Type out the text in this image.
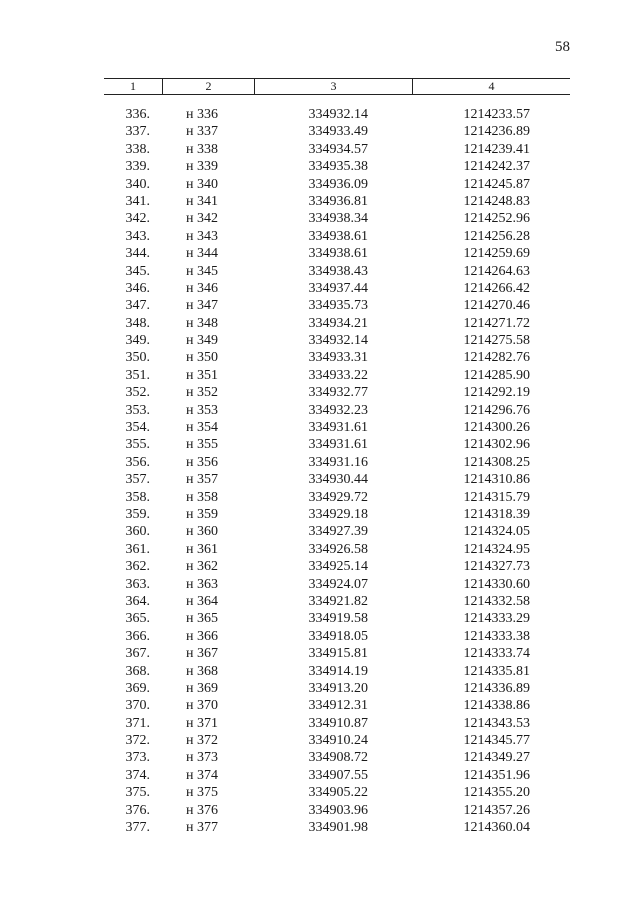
58
1	2	3	4
336.	н 336	334932.14	1214233.57
337.	н 337	334933.49	1214236.89
338.	н 338	334934.57	1214239.41
339.	н 339	334935.38	1214242.37
340.	н 340	334936.09	1214245.87
341.	н 341	334936.81	1214248.83
342.	н 342	334938.34	1214252.96
343.	н 343	334938.61	1214256.28
344.	н 344	334938.61	1214259.69
345.	н 345	334938.43	1214264.63
346.	н 346	334937.44	1214266.42
347.	н 347	334935.73	1214270.46
348.	н 348	334934.21	1214271.72
349.	н 349	334932.14	1214275.58
350.	н 350	334933.31	1214282.76
351.	н 351	334933.22	1214285.90
352.	н 352	334932.77	1214292.19
353.	н 353	334932.23	1214296.76
354.	н 354	334931.61	1214300.26
355.	н 355	334931.61	1214302.96
356.	н 356	334931.16	1214308.25
357.	н 357	334930.44	1214310.86
358.	н 358	334929.72	1214315.79
359.	н 359	334929.18	1214318.39
360.	н 360	334927.39	1214324.05
361.	н 361	334926.58	1214324.95
362.	н 362	334925.14	1214327.73
363.	н 363	334924.07	1214330.60
364.	н 364	334921.82	1214332.58
365.	н 365	334919.58	1214333.29
366.	н 366	334918.05	1214333.38
367.	н 367	334915.81	1214333.74
368.	н 368	334914.19	1214335.81
369.	н 369	334913.20	1214336.89
370.	н 370	334912.31	1214338.86
371.	н 371	334910.87	1214343.53
372.	н 372	334910.24	1214345.77
373.	н 373	334908.72	1214349.27
374.	н 374	334907.55	1214351.96
375.	н 375	334905.22	1214355.20
376.	н 376	334903.96	1214357.26
377.	н 377	334901.98	1214360.04
